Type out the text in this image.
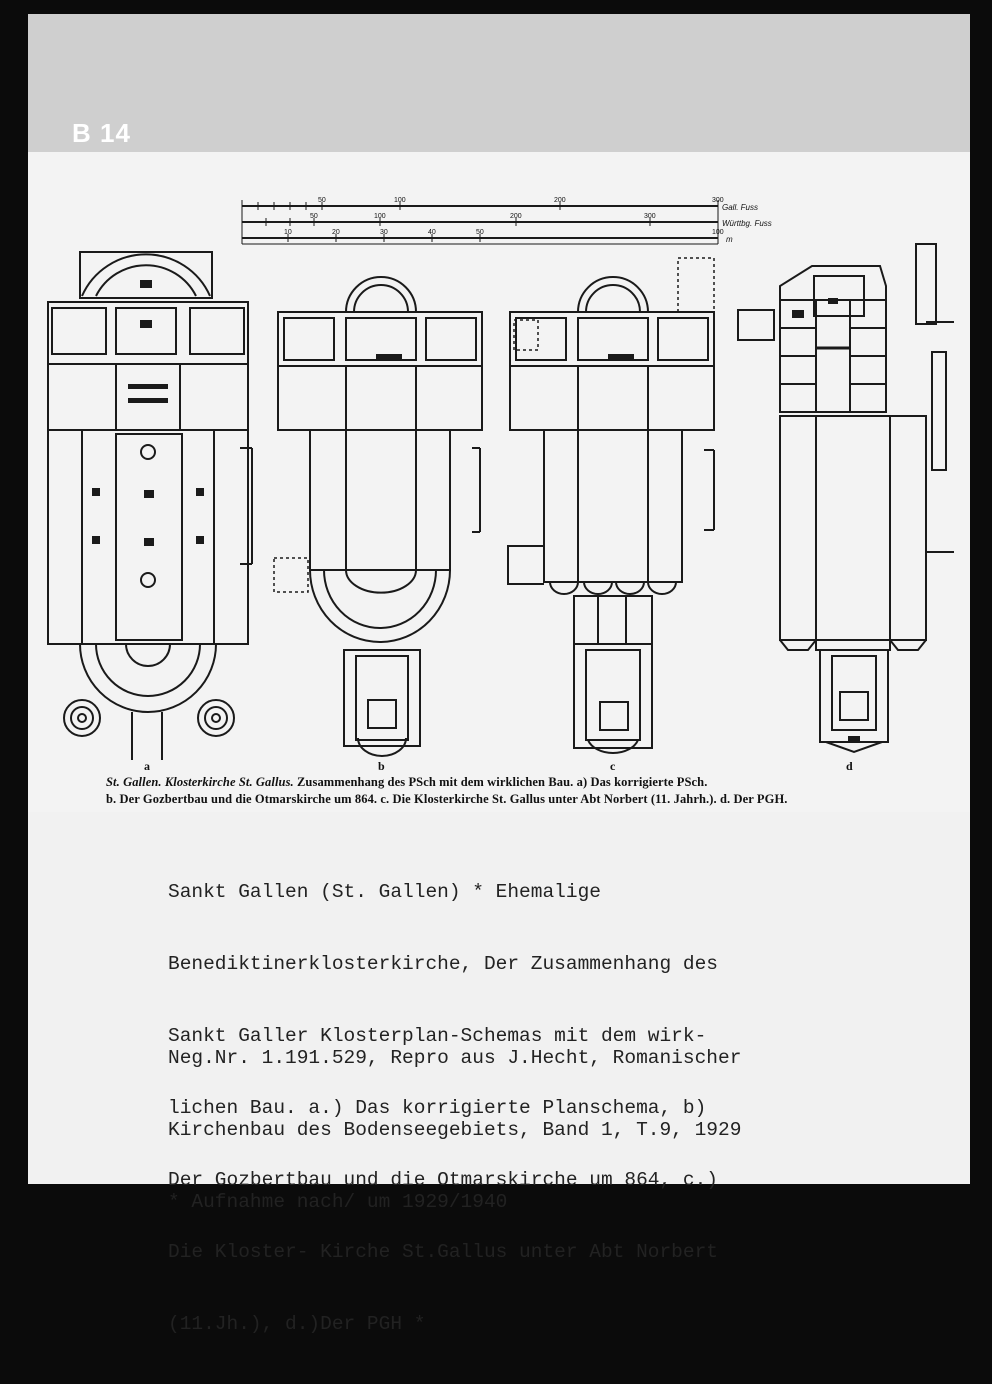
B 14
50	100	200	300
Gall. Fuss
50	100	200	300
Württbg. Fuss
10	20	30	40	50	100
m
a	b	c	d
St. Gallen. Klosterkirche St. Gallus. Zusammenhang des PSch mit dem wirklichen Bau. a) Das korrigierte PSch.
b. Der Gozbertbau und die Otmarskirche um 864. c. Die Klosterkirche St. Gallus unter Abt Norbert (11. Jahrh.). d. Der PGH.

Sankt Gallen (St. Gallen) * Ehemalige

Benediktinerklosterkirche, Der Zusammenhang des

Sankt Galler Klosterplan-Schemas mit dem wirk-

lichen Bau. a.) Das korrigierte Planschema, b)

Der Gozbertbau und die Otmarskirche um 864, c.)

Die Kloster- Kirche St.Gallus unter Abt Norbert

(11.Jh.), d.)Der PGH *

Neg.Nr. 1.191.529, Repro aus J.Hecht, Romanischer

Kirchenbau des Bodenseegebiets, Band 1, T.9, 1929

* Aufnahme nach/ um 1929/1940
